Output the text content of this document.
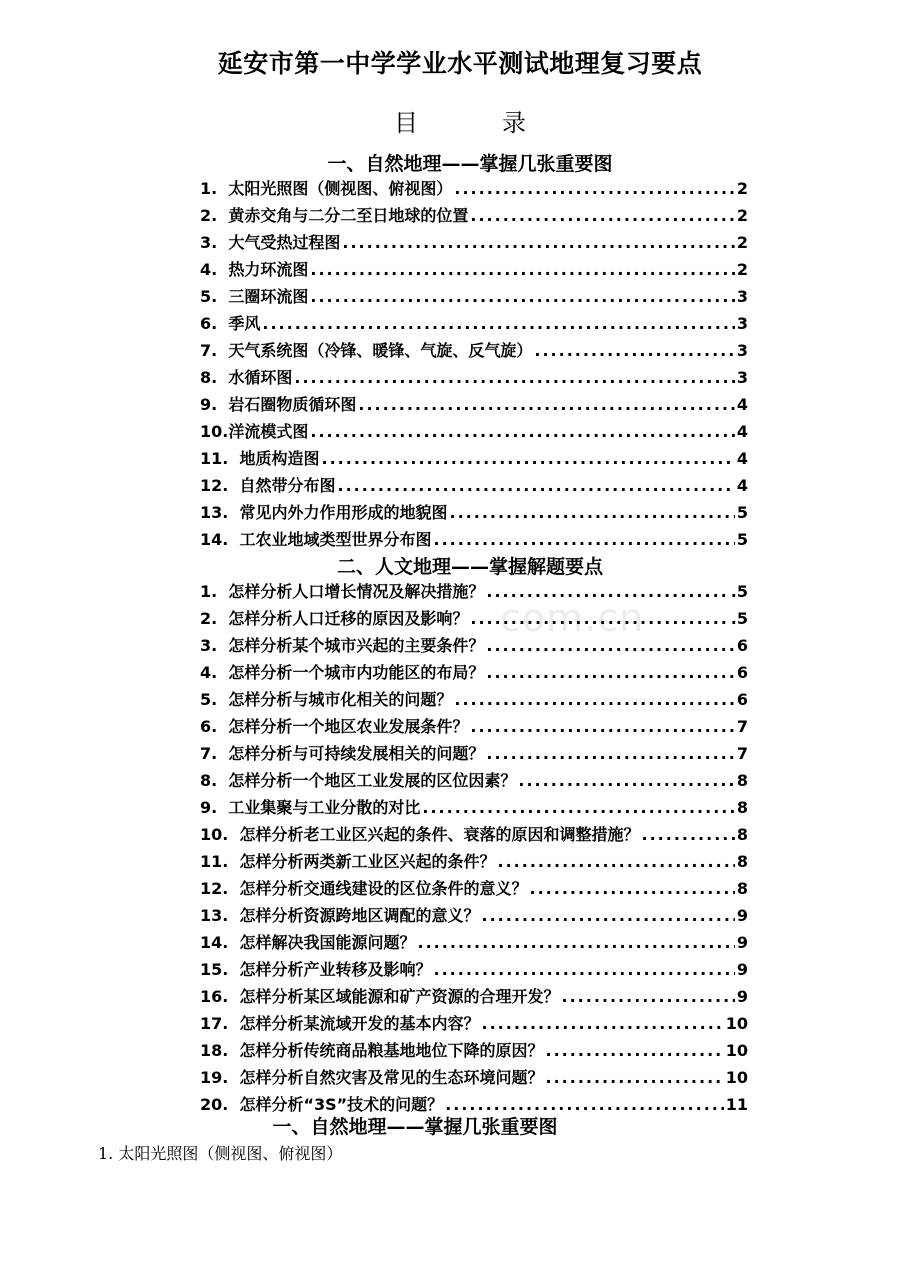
延安市第一中学学业水平测试地理复习要点
目	录
com.cn
一、自然地理——掌握几张重要图
1. 太阳光照图（侧视图、俯视图） .....	2
2. 黄赤交角与二分二至日地球的位置 .....	2
3. 大气受热过程图 .....	2
4. 热力环流图 .....	2
5. 三圈环流图 .....	3
6. 季风 .....	3
7. 天气系统图（冷锋、暖锋、气旋、反气旋） .....	3
8. 水循环图 .....	3
9. 岩石圈物质循环图 .....	4
10. 洋流模式图 .....	4
11. 地质构造图 .....	4
12. 自然带分布图 .....	4
13. 常见内外力作用形成的地貌图 .....	5
14. 工农业地域类型世界分布图 .....	5
二、人文地理——掌握解题要点
1. 怎样分析人口增长情况及解决措施？ .....	.5
2. 怎样分析人口迁移的原因及影响？ .....	.5
3. 怎样分析某个城市兴起的主要条件？ .....	6
4. 怎样分析一个城市内功能区的布局？ .....	6
5. 怎样分析与城市化相关的问题？ .....	6
6. 怎样分析一个地区农业发展条件？ .....	7
7. 怎样分析与可持续发展相关的问题？ .....	7
8. 怎样分析一个地区工业发展的区位因素？ .....	8
9. 工业集聚与工业分散的对比 .....	8
10. 怎样分析老工业区兴起的条件、衰落的原因和调整措施？ .....	8
11. 怎样分析两类新工业区兴起的条件？ .....	8
12. 怎样分析交通线建设的区位条件的意义？ .....	8
13. 怎样分析资源跨地区调配的意义？ .....	9
14. 怎样解决我国能源问题？ .....	9
15. 怎样分析产业转移及影响？ .....	9
16. 怎样分析某区域能源和矿产资源的合理开发？ .....	9
17. 怎样分析某流域开发的基本内容？ .....	10
18. 怎样分析传统商品粮基地地位下降的原因？ .....	10
19. 怎样分析自然灾害及常见的生态环境问题？ .....	10
20. 怎样分析“3S”技术的问题？ .....	11
一、自然地理——掌握几张重要图
1. 太阳光照图（侧视图、俯视图）
